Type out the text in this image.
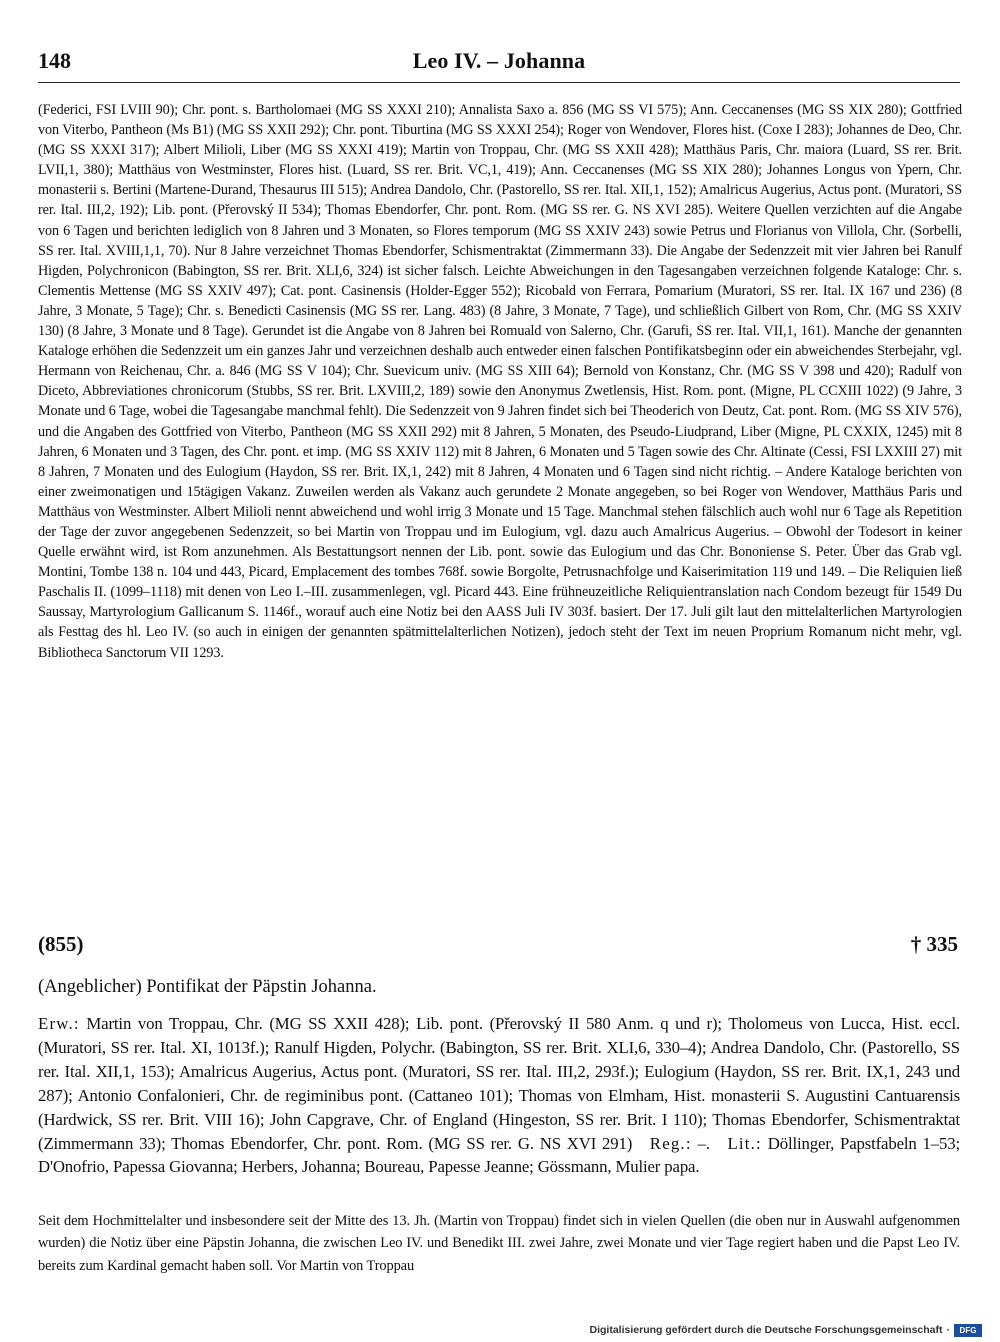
148	Leo IV. – Johanna

(Federici, FSI LVIII 90); Chr. pont. s. Bartholomaei (MG SS XXXI 210); Annalista Saxo a. 856 (MG SS VI 575); Ann. Ceccanenses (MG SS XIX 280); Gottfried von Viterbo, Pantheon (Ms B1) (MG SS XXII 292); Chr. pont. Tiburtina (MG SS XXXI 254); Roger von Wendover, Flores hist. (Coxe I 283); Johannes de Deo, Chr. (MG SS XXXI 317); Albert Milioli, Liber (MG SS XXXI 419); Martin von Troppau, Chr. (MG SS XXII 428); Matthäus Paris, Chr. maiora (Luard, SS rer. Brit. LVII,1, 380); Matthäus von Westminster, Flores hist. (Luard, SS rer. Brit. VC,1, 419); Ann. Ceccanenses (MG SS XIX 280); Johannes Longus von Ypern, Chr. monasterii s. Bertini (Martene-Durand, Thesaurus III 515); Andrea Dandolo, Chr. (Pastorello, SS rer. Ital. XII,1, 152); Amalricus Augerius, Actus pont. (Muratori, SS rer. Ital. III,2, 192); Lib. pont. (Přerovský II 534); Thomas Ebendorfer, Chr. pont. Rom. (MG SS rer. G. NS XVI 285). Weitere Quellen verzichten auf die Angabe von 6 Tagen und berichten lediglich von 8 Jahren und 3 Monaten, so Flores temporum (MG SS XXIV 243) sowie Petrus und Florianus von Villola, Chr. (Sorbelli, SS rer. Ital. XVIII,1,1, 70). Nur 8 Jahre verzeichnet Thomas Ebendorfer, Schismentraktat (Zimmermann 33). Die Angabe der Sedenzzeit mit vier Jahren bei Ranulf Higden, Polychronicon (Babington, SS rer. Brit. XLI,6, 324) ist sicher falsch. Leichte Abweichungen in den Tagesangaben verzeichnen folgende Kataloge: Chr. s. Clementis Mettense (MG SS XXIV 497); Cat. pont. Casinensis (Holder-Egger 552); Ricobald von Ferrara, Pomarium (Muratori, SS rer. Ital. IX 167 und 236) (8 Jahre, 3 Monate, 5 Tage); Chr. s. Benedicti Casinensis (MG SS rer. Lang. 483) (8 Jahre, 3 Monate, 7 Tage), und schließlich Gilbert von Rom, Chr. (MG SS XXIV 130) (8 Jahre, 3 Monate und 8 Tage). Gerundet ist die Angabe von 8 Jahren bei Romuald von Salerno, Chr. (Garufi, SS rer. Ital. VII,1, 161). Manche der genannten Kataloge erhöhen die Sedenzzeit um ein ganzes Jahr und verzeichnen deshalb auch entweder einen falschen Pontifikatsbeginn oder ein abweichendes Sterbejahr, vgl. Hermann von Reichenau, Chr. a. 846 (MG SS V 104); Chr. Suevicum univ. (MG SS XIII 64); Bernold von Konstanz, Chr. (MG SS V 398 und 420); Radulf von Diceto, Abbreviationes chronicorum (Stubbs, SS rer. Brit. LXVIII,2, 189) sowie den Anonymus Zwetlensis, Hist. Rom. pont. (Migne, PL CCXIII 1022) (9 Jahre, 3 Monate und 6 Tage, wobei die Tagesangabe manchmal fehlt). Die Sedenzzeit von 9 Jahren findet sich bei Theoderich von Deutz, Cat. pont. Rom. (MG SS XIV 576), und die Angaben des Gottfried von Viterbo, Pantheon (MG SS XXII 292) mit 8 Jahren, 5 Monaten, des Pseudo-Liudprand, Liber (Migne, PL CXXIX, 1245) mit 8 Jahren, 6 Monaten und 3 Tagen, des Chr. pont. et imp. (MG SS XXIV 112) mit 8 Jahren, 6 Monaten und 5 Tagen sowie des Chr. Altinate (Cessi, FSI LXXIII 27) mit 8 Jahren, 7 Monaten und des Eulogium (Haydon, SS rer. Brit. IX,1, 242) mit 8 Jahren, 4 Monaten und 6 Tagen sind nicht richtig. – Andere Kataloge berichten von einer zweimonatigen und 15tägigen Vakanz. Zuweilen werden als Vakanz auch gerundete 2 Monate angegeben, so bei Roger von Wendover, Matthäus Paris und Matthäus von Westminster. Albert Milioli nennt abweichend und wohl irrig 3 Monate und 15 Tage. Manchmal stehen fälschlich auch wohl nur 6 Tage als Repetition der Tage der zuvor angegebenen Sedenzzeit, so bei Martin von Troppau und im Eulogium, vgl. dazu auch Amalricus Augerius. – Obwohl der Todesort in keiner Quelle erwähnt wird, ist Rom anzunehmen. Als Bestattungsort nennen der Lib. pont. sowie das Eulogium und das Chr. Bononiense S. Peter. Über das Grab vgl. Montini, Tombe 138 n. 104 und 443, Picard, Emplacement des tombes 768f. sowie Borgolte, Petrusnachfolge und Kaiserimitation 119 und 149. – Die Reliquien ließ Paschalis II. (1099–1118) mit denen von Leo I.–III. zusammenlegen, vgl. Picard 443. Eine frühneuzeitliche Reliquientranslation nach Condom bezeugt für 1549 Du Saussay, Martyrologium Gallicanum S. 1146f., worauf auch eine Notiz bei den AASS Juli IV 303f. basiert. Der 17. Juli gilt laut den mittelalterlichen Martyrologien als Festtag des hl. Leo IV. (so auch in einigen der genannten spätmittelalterlichen Notizen), jedoch steht der Text im neuen Proprium Romanum nicht mehr, vgl. Bibliotheca Sanctorum VII 1293.

(855)	† 335

(Angeblicher) Pontifikat der Päpstin Johanna.

Erw.: Martin von Troppau, Chr. (MG SS XXII 428); Lib. pont. (Přerovský II 580 Anm. q und r); Tholomeus von Lucca, Hist. eccl. (Muratori, SS rer. Ital. XI, 1013f.); Ranulf Higden, Polychr. (Babington, SS rer. Brit. XLI,6, 330–4); Andrea Dandolo, Chr. (Pastorello, SS rer. Ital. XII,1, 153); Amalricus Augerius, Actus pont. (Muratori, SS rer. Ital. III,2, 293f.); Eulogium (Haydon, SS rer. Brit. IX,1, 243 und 287); Antonio Confalonieri, Chr. de regiminibus pont. (Cattaneo 101); Thomas von Elmham, Hist. monasterii S. Augustini Cantuarensis (Hardwick, SS rer. Brit. VIII 16); John Capgrave, Chr. of England (Hingeston, SS rer. Brit. I 110); Thomas Ebendorfer, Schismentraktat (Zimmermann 33); Thomas Ebendorfer, Chr. pont. Rom. (MG SS rer. G. NS XVI 291) Reg.: –. Lit.: Döllinger, Papstfabeln 1–53; D'Onofrio, Papessa Giovanna; Herbers, Johanna; Boureau, Papesse Jeanne; Gössmann, Mulier papa.

Seit dem Hochmittelalter und insbesondere seit der Mitte des 13. Jh. (Martin von Troppau) findet sich in vielen Quellen (die oben nur in Auswahl aufgenommen wurden) die Notiz über eine Päpstin Johanna, die zwischen Leo IV. und Benedikt III. zwei Jahre, zwei Monate und vier Tage regiert haben und die Papst Leo IV. bereits zum Kardinal gemacht haben soll. Vor Martin von Troppau

Digitalisierung gefördert durch die Deutsche Forschungsgemeinschaft ·	DFG
